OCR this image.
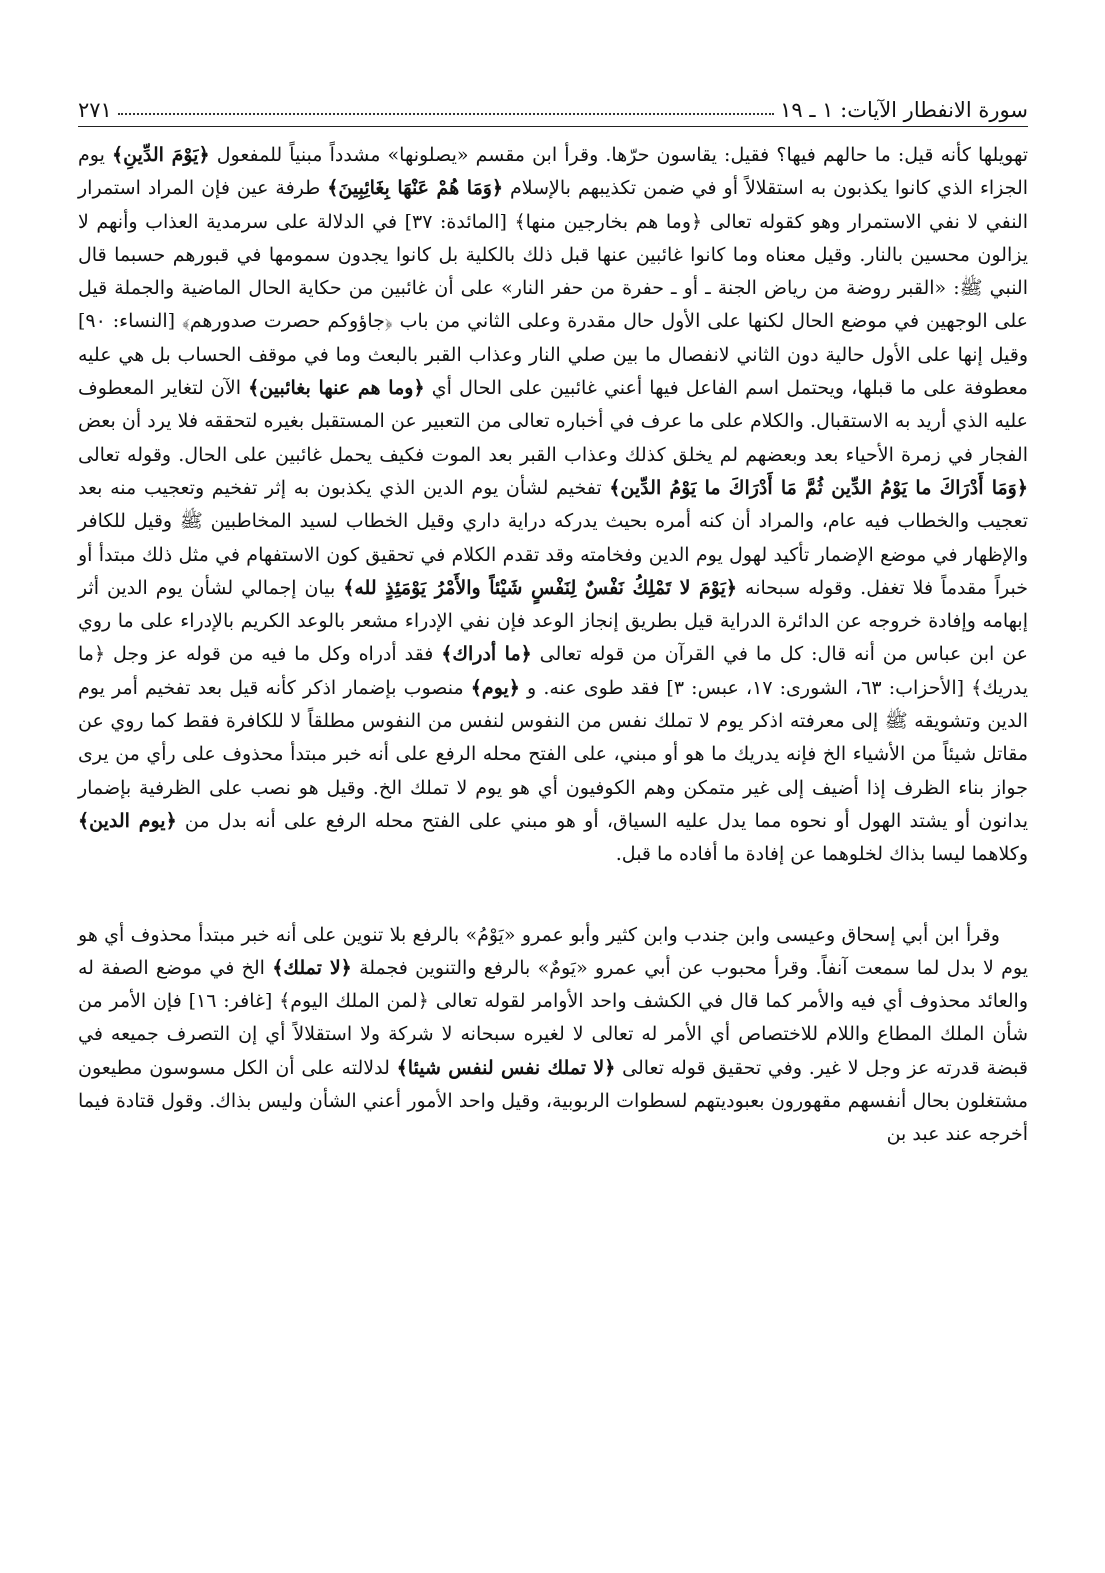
سورة الانفطار الآيات: ١ ـ ١٩
٢٧١

تهويلها كأنه قيل: ما حالهم فيها؟ فقيل: يقاسون حرّها. وقرأ ابن مقسم «يصلونها» مشدداً مبنياً للمفعول ﴿يَوْمَ الدِّينِ﴾ يوم الجزاء الذي كانوا يكذبون به استقلالاً أو في ضمن تكذيبهم بالإسلام ﴿وَمَا هُمْ عَنْهَا بِغَائِبِينَ﴾ طرفة عين فإن المراد استمرار النفي لا نفي الاستمرار وهو كقوله تعالى ﴿وما هم بخارجين منها﴾ [المائدة: ٣٧] في الدلالة على سرمدية العذاب وأنهم لا يزالون محسين بالنار. وقيل معناه وما كانوا غائبين عنها قبل ذلك بالكلية بل كانوا يجدون سمومها في قبورهم حسبما قال النبي ﷺ: «القبر روضة من رياض الجنة ـ أو ـ حفرة من حفر النار» على أن غائبين من حكاية الحال الماضية والجملة قيل على الوجهين في موضع الحال لكنها على الأول حال مقدرة وعلى الثاني من باب ﴿جاؤوكم حصرت صدورهم﴾ [النساء: ٩٠] وقيل إنها على الأول حالية دون الثاني لانفصال ما بين صلي النار وعذاب القبر بالبعث وما في موقف الحساب بل هي عليه معطوفة على ما قبلها، ويحتمل اسم الفاعل فيها أعني غائبين على الحال أي ﴿وما هم عنها بغائبين﴾ الآن لتغاير المعطوف عليه الذي أريد به الاستقبال. والكلام على ما عرف في أخباره تعالى من التعبير عن المستقبل بغيره لتحققه فلا يرد أن بعض الفجار في زمرة الأحياء بعد وبعضهم لم يخلق كذلك وعذاب القبر بعد الموت فكيف يحمل غائبين على الحال. وقوله تعالى ﴿وَمَا أَدْرَاكَ ما يَوْمُ الدِّين ثُمَّ مَا أَدْرَاكَ ما يَوْمُ الدِّين﴾ تفخيم لشأن يوم الدين الذي يكذبون به إثر تفخيم وتعجيب منه بعد تعجيب والخطاب فيه عام، والمراد أن كنه أمره بحيث يدركه دراية داري وقيل الخطاب لسيد المخاطبين ﷺ وقيل للكافر والإظهار في موضع الإضمار تأكيد لهول يوم الدين وفخامته وقد تقدم الكلام في تحقيق كون الاستفهام في مثل ذلك مبتدأ أو خبراً مقدماً فلا تغفل. وقوله سبحانه ﴿يَوْمَ لا تَمْلِكُ نَفْسٌ لِنَفْسٍ شَيْئاً والأَمْرُ يَوْمَئِذٍ لله﴾ بيان إجمالي لشأن يوم الدين أثر إبهامه وإفادة خروجه عن الدائرة الدراية قيل بطريق إنجاز الوعد فإن نفي الإدراء مشعر بالوعد الكريم بالإدراء على ما روي عن ابن عباس من أنه قال: كل ما في القرآن من قوله تعالى ﴿ما أدراك﴾ فقد أدراه وكل ما فيه من قوله عز وجل ﴿ما يدريك﴾ [الأحزاب: ٦٣، الشورى: ١٧، عبس: ٣] فقد طوى عنه. و ﴿يوم﴾ منصوب بإضمار اذكر كأنه قيل بعد تفخيم أمر يوم الدين وتشويقه ﷺ إلى معرفته اذكر يوم لا تملك نفس من النفوس لنفس من النفوس مطلقاً لا للكافرة فقط كما روي عن مقاتل شيئاً من الأشياء الخ فإنه يدريك ما هو أو مبني، على الفتح محله الرفع على أنه خبر مبتدأ محذوف على رأي من يرى جواز بناء الظرف إذا أضيف إلى غير متمكن وهم الكوفيون أي هو يوم لا تملك الخ. وقيل هو نصب على الظرفية بإضمار يدانون أو يشتد الهول أو نحوه مما يدل عليه السياق، أو هو مبني على الفتح محله الرفع على أنه بدل من ﴿يوم الدين﴾ وكلاهما ليسا بذاك لخلوهما عن إفادة ما أفاده ما قبل.

وقرأ ابن أبي إسحاق وعيسى وابن جندب وابن كثير وأبو عمرو «يَوْمُ» بالرفع بلا تنوين على أنه خبر مبتدأ محذوف أي هو يوم لا بدل لما سمعت آنفاً. وقرأ محبوب عن أبي عمرو «يَومٌ» بالرفع والتنوين فجملة ﴿لا تملك﴾ الخ في موضع الصفة له والعائد محذوف أي فيه والأمر كما قال في الكشف واحد الأوامر لقوله تعالى ﴿لمن الملك اليوم﴾ [غافر: ١٦] فإن الأمر من شأن الملك المطاع واللام للاختصاص أي الأمر له تعالى لا لغيره سبحانه لا شركة ولا استقلالاً أي إن التصرف جميعه في قبضة قدرته عز وجل لا غير. وفي تحقيق قوله تعالى ﴿لا تملك نفس لنفس شيئا﴾ لدلالته على أن الكل مسوسون مطيعون مشتغلون بحال أنفسهم مقهورون بعبوديتهم لسطوات الربوبية، وقيل واحد الأمور أعني الشأن وليس بذاك. وقول قتادة فيما أخرجه عند عبد بن
